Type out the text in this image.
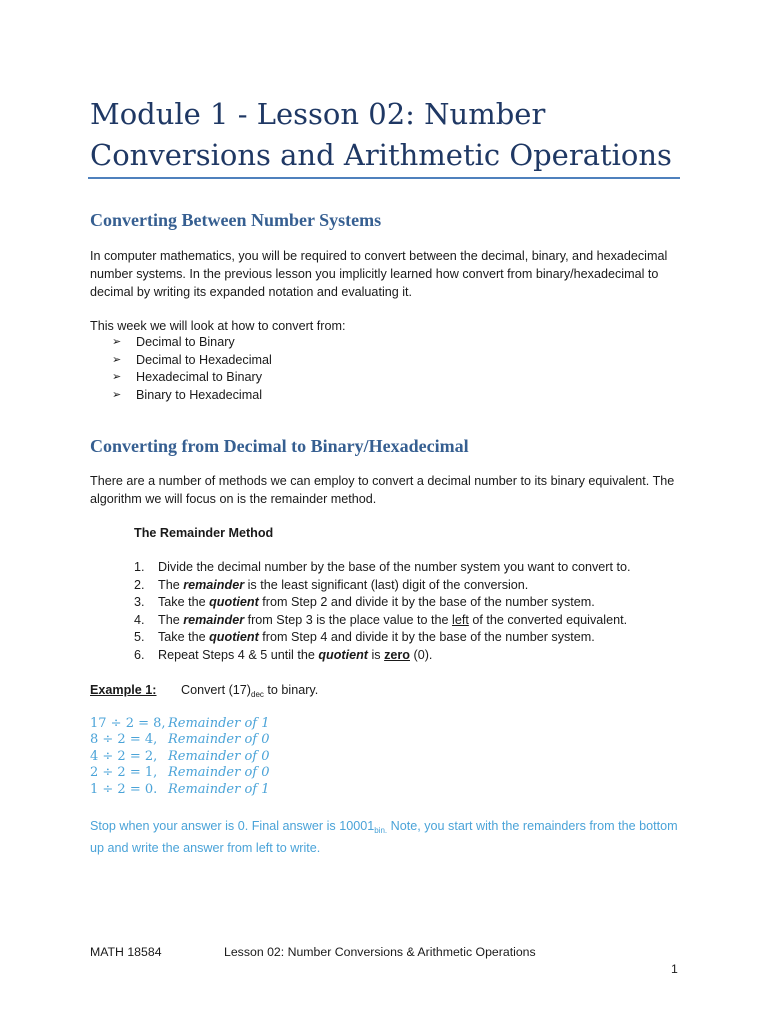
Module 1 - Lesson 02: Number
Conversions and Arithmetic Operations
Converting Between Number Systems

In computer mathematics, you will be required to convert between the decimal, binary, and hexadecimal number systems. In the previous lesson you implicitly learned how convert from binary/hexadecimal to decimal by writing its expanded notation and evaluating it.

This week we will look at how to convert from:

➢ Decimal to Binary
➢ Decimal to Hexadecimal
➢ Hexadecimal to Binary
➢ Binary to Hexadecimal
Converting from Decimal to Binary/Hexadecimal

There are a number of methods we can employ to convert a decimal number to its binary equivalent. The algorithm we will focus on is the remainder method.

The Remainder Method
1. Divide the decimal number by the base of the number system you want to convert to.
2. The remainder is the least significant (last) digit of the conversion.
3. Take the quotient from Step 2 and divide it by the base of the number system.
4. The remainder from Step 3 is the place value to the left of the converted equivalent.
5. Take the quotient from Step 4 and divide it by the base of the number system.
6. Repeat Steps 4 & 5 until the quotient is zero (0).
Example 1: Convert $(17)_{dec}$ to binary.
17 ÷ 2 = 8, Remainder of 1
8 ÷ 2 = 4, Remainder of 0
4 ÷ 2 = 2, Remainder of 0
2 ÷ 2 = 1, Remainder of 0
1 ÷ 2 = 0. Remainder of 1
Stop when your answer is 0. Final answer is $10001_{bin.}$ Note, you start with the remainders from the bottom up and write the answer from left to write.
MATH 18584	Lesson 02: Number Conversions & Arithmetic Operations
1
